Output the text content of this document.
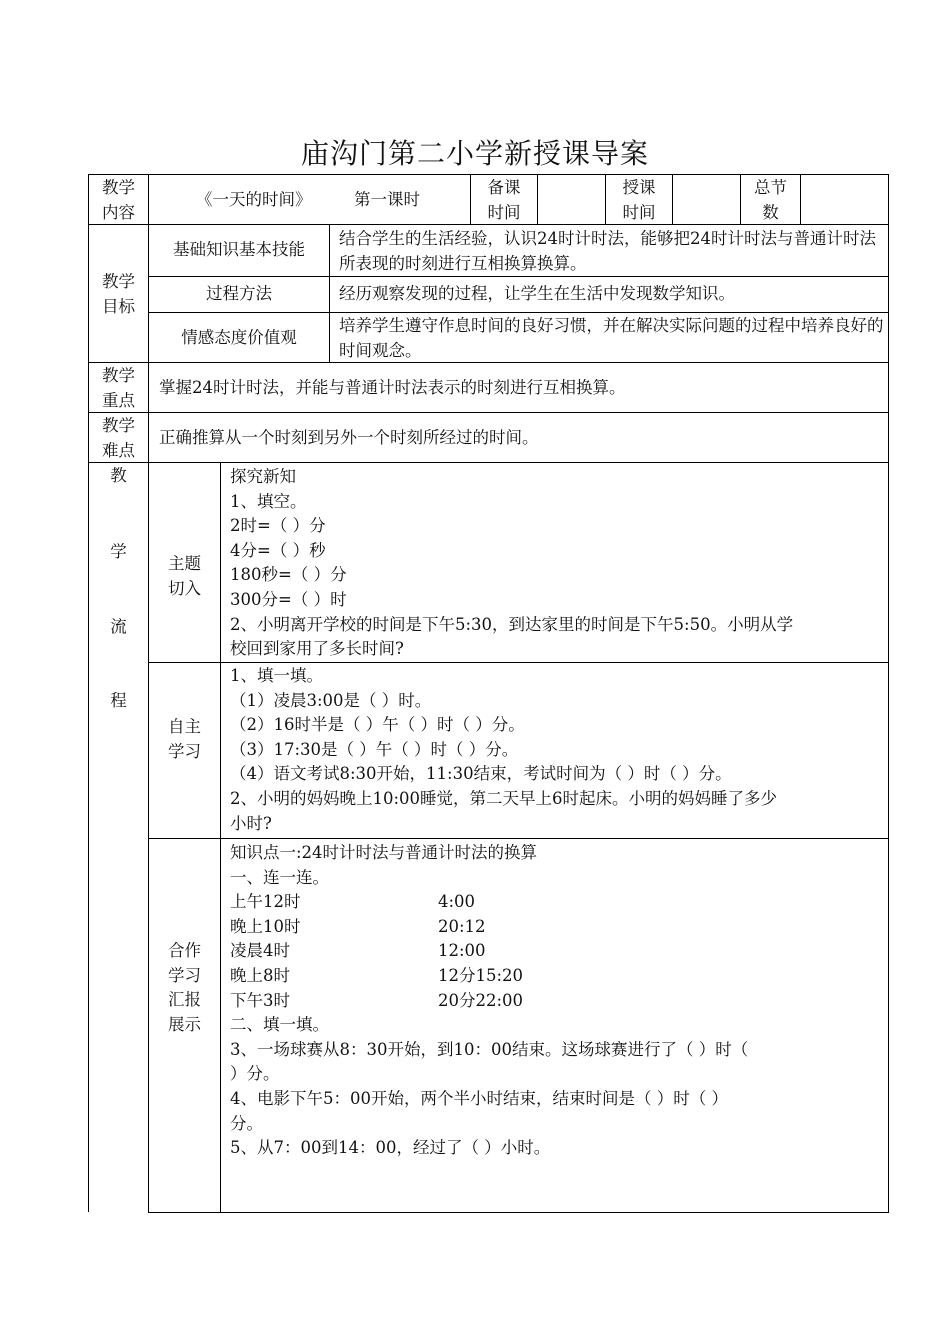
庙沟门第二小学新授课导案
教学
内容
《一天的时间》	第一课时
备课
时间
授课
时间
总节
数
教学
目标
基础知识基本技能
结合学生的生活经验，认识24时计时法，能够把24时计时法与普通计时法所表现的时刻进行互相换算换算。
过程方法	经历观察发现的过程，让学生在生活中发现数学知识。
情感态度价值观
培养学生遵守作息时间的良好习惯，并在解决实际问题的过程中培养良好的时间观念。
教学
重点
掌握24时计时法，并能与普通计时法表示的时刻进行互相换算。
教学
难点
正确推算从一个时刻到另外一个时刻所经过的时间。
教
学
流
程
主题
切入
探究新知
1、填空。
2时=（ ）分
4分=（ ）秒
180秒=（ ）分
300分=（ ）时
2、小明离开学校的时间是下午5:30，到达家里的时间是下午5:50。小明从学
校回到家用了多长时间?
自主
学习
1、填一填。
（1）凌晨3:00是（ ）时。
（2）16时半是（ ）午（ ）时（ ）分。
（3）17:30是（ ）午（ ）时（ ）分。
（4）语文考试8:30开始，11:30结束，考试时间为（ ）时（ ）分。
2、小明的妈妈晚上10:00睡觉，第二天早上6时起床。小明的妈妈睡了多少
小时?
合作
学习
汇报
展示
知识点一:24时计时法与普通计时法的换算
一、连一连。
上午12时
晚上10时
凌晨4时
晚上8时
下午3时
4:00
20:12
12:00
12分15:20
20分22:00
二、填一填。
3、一场球赛从8：30开始，到10：00结束。这场球赛进行了（ ）时（
）分。
4、电影下午5：00开始，两个半小时结束，结束时间是（ ）时（ ）
分。
5、从7：00到14：00，经过了（ ）小时。
